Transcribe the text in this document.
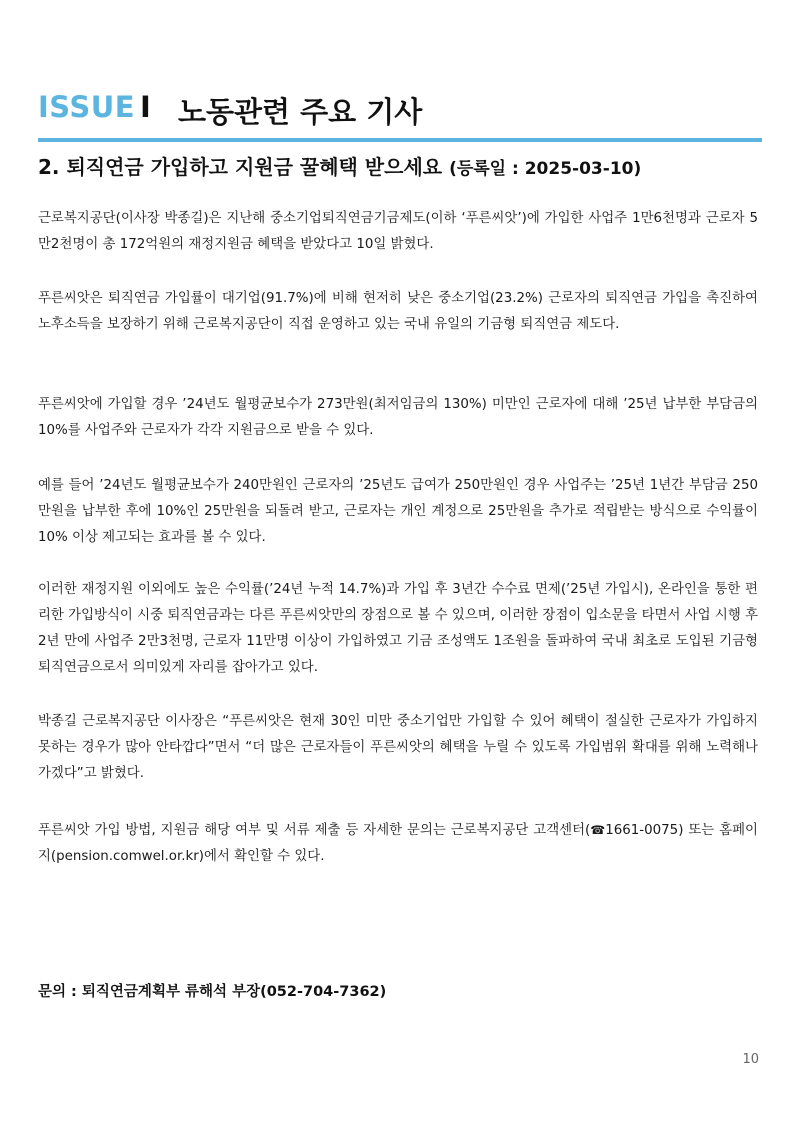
ISSUE I 노동관련 주요 기사
2. 퇴직연금 가입하고 지원금 꿀혜택 받으세요 (등록일 : 2025-03-10)

근로복지공단(이사장 박종길)은 지난해 중소기업퇴직연금기금제도(이하 ‘푸른씨앗’)에 가입한 사업주 1만6천명과 근로자 5만2천명이 총 172억원의 재정지원금 혜택을 받았다고 10일 밝혔다.

푸른씨앗은 퇴직연금 가입률이 대기업(91.7%)에 비해 현저히 낮은 중소기업(23.2%) 근로자의 퇴직연금 가입을 촉진하여 노후소득을 보장하기 위해 근로복지공단이 직접 운영하고 있는 국내 유일의 기금형 퇴직연금 제도다.

푸른씨앗에 가입할 경우 ’24년도 월평균보수가 273만원(최저임금의 130%) 미만인 근로자에 대해 ’25년 납부한 부담금의 10%를 사업주와 근로자가 각각 지원금으로 받을 수 있다.

예를 들어 ’24년도 월평균보수가 240만원인 근로자의 ’25년도 급여가 250만원인 경우 사업주는 ’25년 1년간 부담금 250만원을 납부한 후에 10%인 25만원을 되돌려 받고, 근로자는 개인 계정으로 25만원을 추가로 적립받는 방식으로 수익률이 10% 이상 제고되는 효과를 볼 수 있다.

이러한 재정지원 이외에도 높은 수익률(’24년 누적 14.7%)과 가입 후 3년간 수수료 면제(’25년 가입시), 온라인을 통한 편리한 가입방식이 시중 퇴직연금과는 다른 푸른씨앗만의 장점으로 볼 수 있으며, 이러한 장점이 입소문을 타면서 사업 시행 후 2년 만에 사업주 2만3천명, 근로자 11만명 이상이 가입하였고 기금 조성액도 1조원을 돌파하여 국내 최초로 도입된 기금형 퇴직연금으로서 의미있게 자리를 잡아가고 있다.

박종길 근로복지공단 이사장은 “푸른씨앗은 현재 30인 미만 중소기업만 가입할 수 있어 혜택이 절실한 근로자가 가입하지 못하는 경우가 많아 안타깝다”면서 “더 많은 근로자들이 푸른씨앗의 혜택을 누릴 수 있도록 가입범위 확대를 위해 노력해나가겠다”고 밝혔다.

푸른씨앗 가입 방법, 지원금 해당 여부 및 서류 제출 등 자세한 문의는 근로복지공단 고객센터(☎1661-0075) 또는 홈페이지(pension.comwel.or.kr)에서 확인할 수 있다.

문의 : 퇴직연금계획부 류해석 부장(052-704-7362)
10
